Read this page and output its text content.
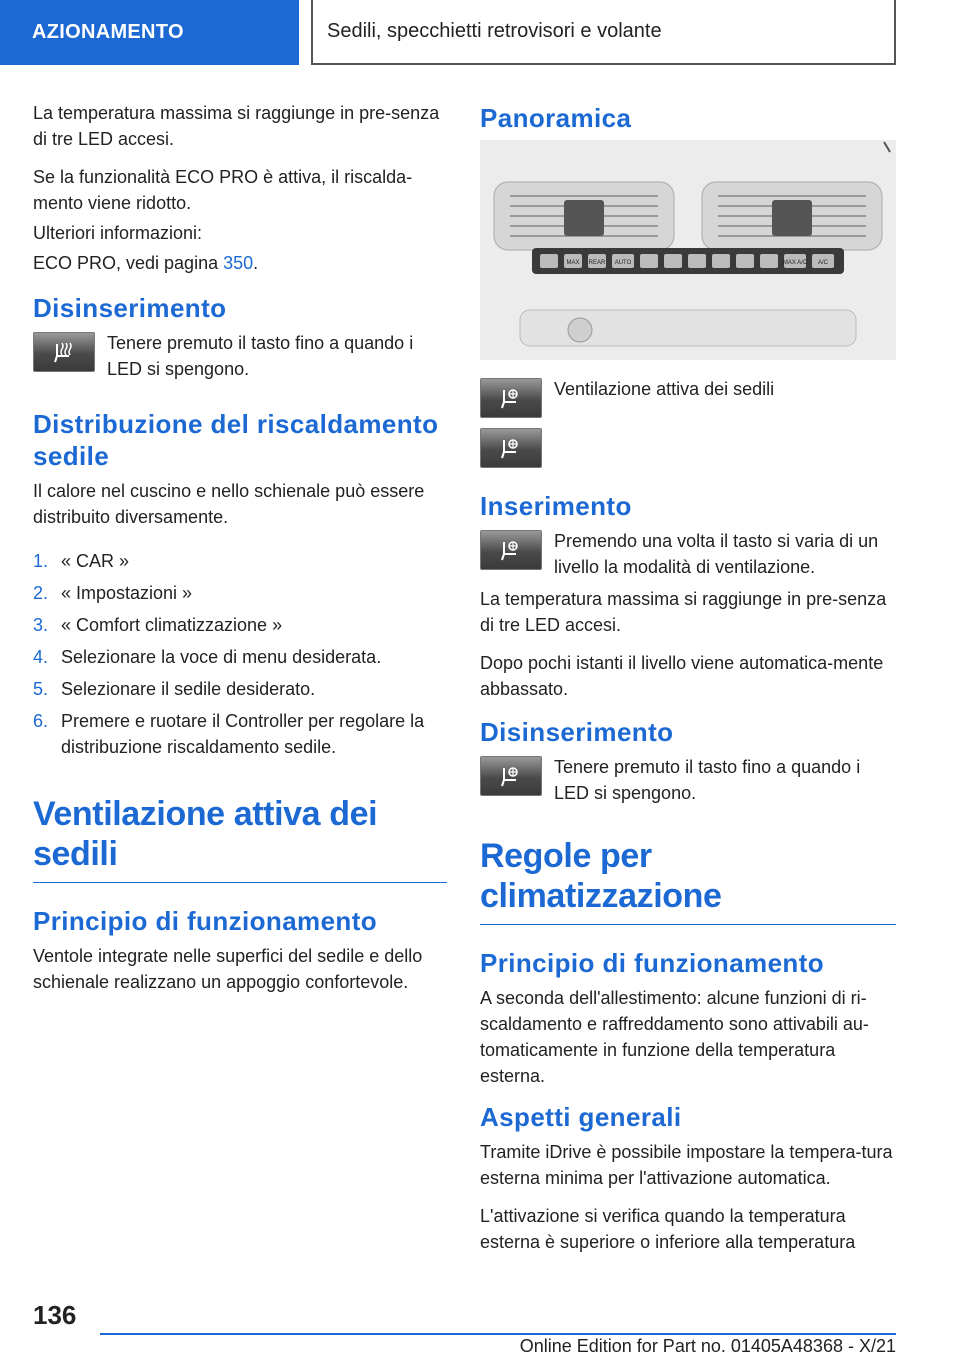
AZIONAMENTO	Sedili, specchietti retrovisori e volante

La temperatura massima si raggiunge in pre-senza di tre LED accesi.

Se la funzionalità ECO PRO è attiva, il riscalda-mento viene ridotto.

Ulteriori informazioni:

ECO PRO, vedi pagina 350.

Disinserimento

Tenere premuto il tasto fino a quando i LED si spengono.

Distribuzione del riscaldamento sedile

Il calore nel cuscino e nello schienale può essere distribuito diversamente.

1. « CAR »
2. « Impostazioni »
3. « Comfort climatizzazione »
4. Selezionare la voce di menu desiderata.
5. Selezionare il sedile desiderato.
6. Premere e ruotare il Controller per regolare la distribuzione riscaldamento sedile.
Ventilazione attiva dei sedili
Principio di funzionamento

Ventole integrate nelle superfici del sedile e dello schienale realizzano un appoggio confortevole.

Panoramica
MAX REAR AUTO	MAX A/C A/C

Ventilazione attiva dei sedili

Inserimento

Premendo una volta il tasto si varia di un livello la modalità di ventilazione.

La temperatura massima si raggiunge in pre-senza di tre LED accesi.

Dopo pochi istanti il livello viene automatica-mente abbassato.

Disinserimento

Tenere premuto il tasto fino a quando i LED si spengono.

Regole per climatizzazione
Principio di funzionamento

A seconda dell'allestimento: alcune funzioni di ri-scaldamento e raffreddamento sono attivabili au-tomaticamente in funzione della temperatura esterna.

Aspetti generali

Tramite iDrive è possibile impostare la tempera-tura esterna minima per l'attivazione automatica.

L'attivazione si verifica quando la temperatura esterna è superiore o inferiore alla temperatura

136
Online Edition for Part no. 01405A48368 - X/21
